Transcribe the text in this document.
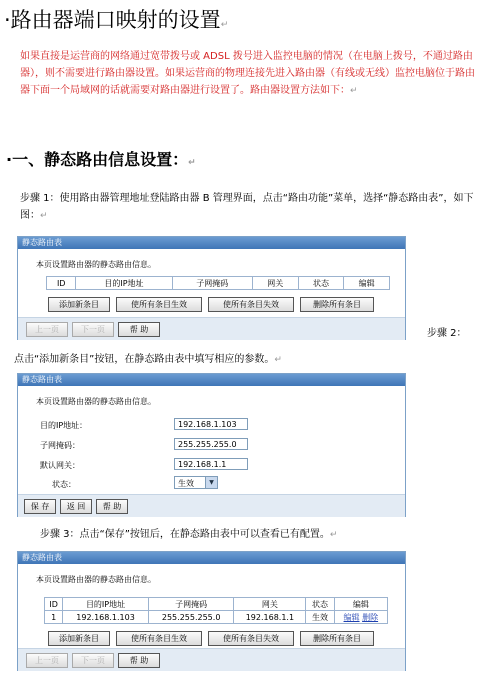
·路由器端口映射的设置↵
如果直接是运营商的网络通过宽带拨号或 ADSL 拨号进入监控电脑的情况（在电脑上拨号，不通过路由器），则不需要进行路由器设置。如果运营商的物理连接先进入路由器（有线或无线）监控电脑位于路由器下面一个局域网的话就需要对路由器进行设置了。路由器设置方法如下：↵
·一、静态路由信息设置：↵
步骤 1：使用路由器管理地址登陆路由器 B 管理界面，点击“路由功能”菜单，选择“静态路由表”，如下图：↵
静态路由表
本页设置路由器的静态路由信息。
ID	目的IP地址	子网掩码	网关	状态	编辑
添加新条目	使所有条目生效	使所有条目失效	删除所有条目
上一页	下一页	帮 助	步骤 2：
点击“添加新条目”按钮，在静态路由表中填写相应的参数。↵
静态路由表
本页设置路由器的静态路由信息。
目的IP地址：	192.168.1.103
子网掩码：	255.255.255.0
默认网关：	192.168.1.1
状态：	生效	▼
保 存	返 回	帮 助
步骤 3：点击“保存”按钮后，在静态路由表中可以查看已有配置。↵
静态路由表
本页设置路由器的静态路由信息。
ID	目的IP地址	子网掩码	网关	状态	编辑
1	192.168.1.103	255.255.255.0	192.168.1.1	生效	编辑 删除
添加新条目	使所有条目生效	使所有条目失效	删除所有条目
上一页	下一页	帮 助
